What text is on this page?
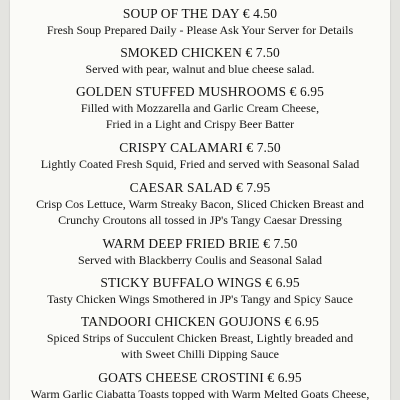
SOUP OF THE DAY € 4.50
Fresh Soup Prepared Daily - Please Ask Your Server for Details
SMOKED CHICKEN € 7.50
Served with pear, walnut and blue cheese salad.
GOLDEN STUFFED MUSHROOMS € 6.95
Filled with Mozzarella and Garlic Cream Cheese,
Fried in a Light and Crispy Beer Batter
CRISPY CALAMARI € 7.50
Lightly Coated Fresh Squid, Fried and served with Seasonal Salad
CAESAR SALAD € 7.95
Crisp Cos Lettuce, Warm Streaky Bacon, Sliced Chicken Breast and
Crunchy Croutons all tossed in JP's Tangy Caesar Dressing
WARM DEEP FRIED BRIE € 7.50
Served with Blackberry Coulis and Seasonal Salad
STICKY BUFFALO WINGS € 6.95
Tasty Chicken Wings Smothered in JP's Tangy and Spicy Sauce
TANDOORI CHICKEN GOUJONS € 6.95
Spiced Strips of Succulent Chicken Breast, Lightly breaded and
with Sweet Chilli Dipping Sauce
GOATS CHEESE CROSTINI € 6.95
Warm Garlic Ciabatta Toasts topped with Warm Melted Goats Cheese,
